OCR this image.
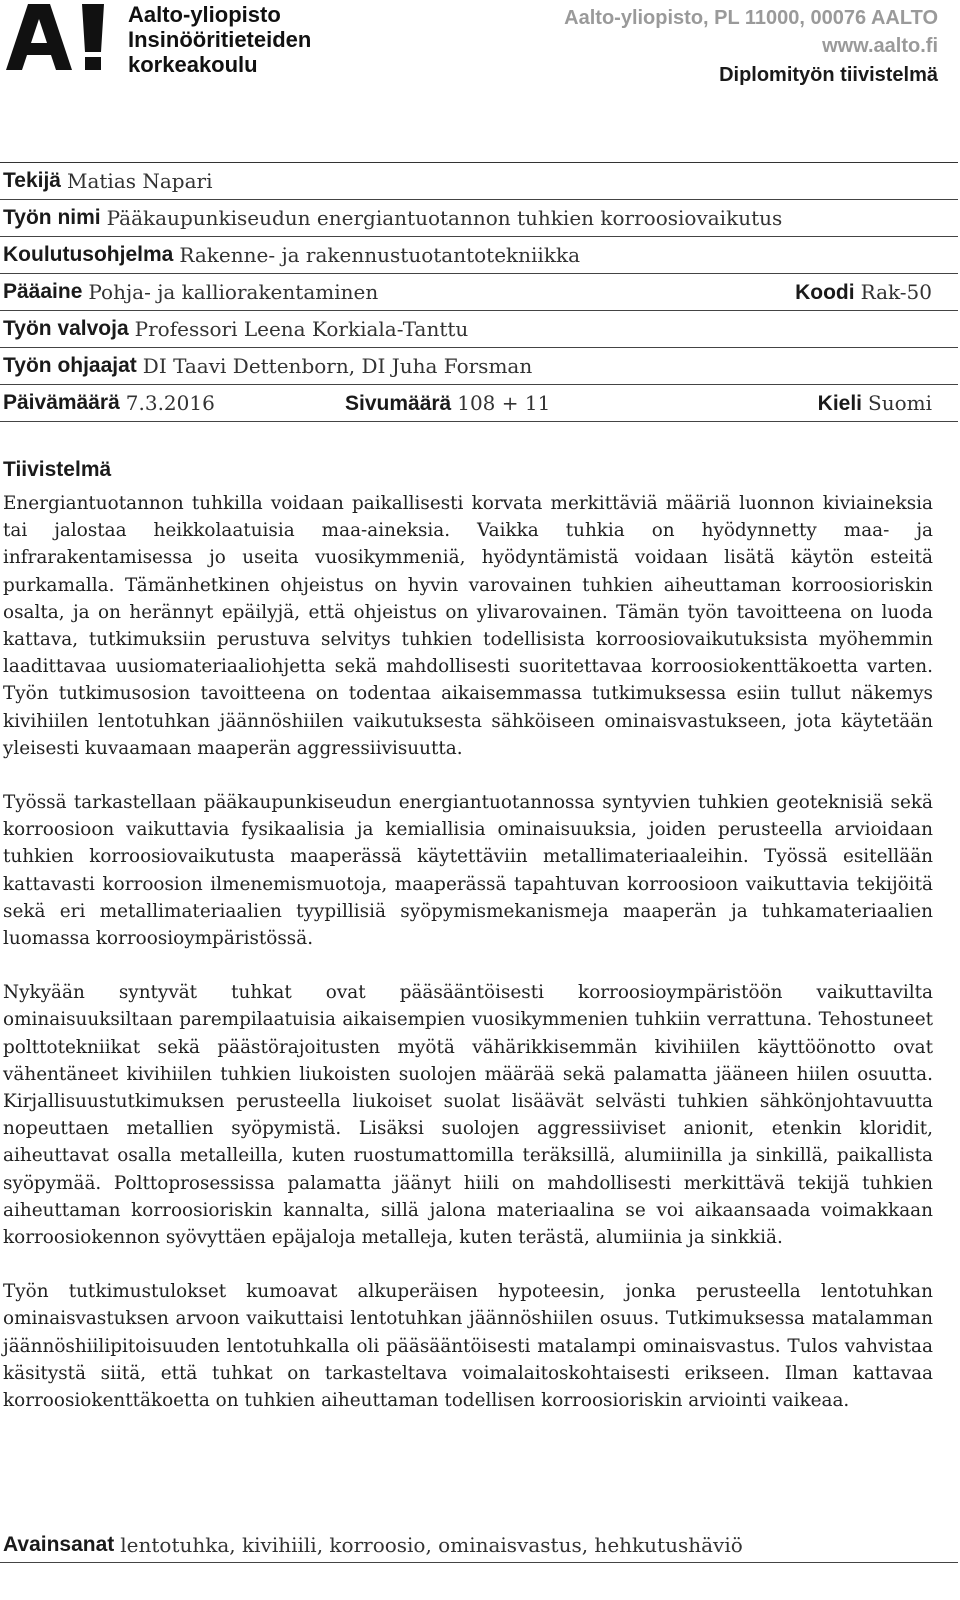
Aalto-yliopisto
Insinööritieteiden
korkeakoulu
Aalto-yliopisto, PL 11000, 00076 AALTO
www.aalto.fi
Diplomityön tiivistelmä
Tekijä Matias Napari
Työn nimi Pääkaupunkiseudun energiantuotannon tuhkien korroosiovaikutus
Koulutusohjelma Rakenne- ja rakennustuotantotekniikka
Pääaine Pohja- ja kalliorakentaminen	Koodi Rak-50
Työn valvoja Professori Leena Korkiala-Tanttu
Työn ohjaajat DI Taavi Dettenborn, DI Juha Forsman
Päivämäärä 7.3.2016	Sivumäärä 108 + 11	Kieli Suomi
Tiivistelmä

Energiantuotannon tuhkilla voidaan paikallisesti korvata merkittäviä määriä luonnon kiviaineksia tai jalostaa heikkolaatuisia maa-aineksia. Vaikka tuhkia on hyödynnetty maa- ja infrarakentamisessa jo useita vuosikymmeniä, hyödyntämistä voidaan lisätä käytön esteitä purkamalla. Tämänhetkinen ohjeistus on hyvin varovainen tuhkien aiheuttaman korroosioriskin osalta, ja on herännyt epäilyjä, että ohjeistus on ylivarovainen. Tämän työn tavoitteena on luoda kattava, tutkimuksiin perustuva selvitys tuhkien todellisista korroosiovaikutuksista myöhemmin laadittavaa uusiomateriaaliohjetta sekä mahdollisesti suoritettavaa korroosiokenttäkoetta varten. Työn tutkimusosion tavoitteena on todentaa aikaisemmassa tutkimuksessa esiin tullut näkemys kivihiilen lentotuhkan jäännöshiilen vaikutuksesta sähköiseen ominaisvastukseen, jota käytetään yleisesti kuvaamaan maaperän aggressiivisuutta.

Työssä tarkastellaan pääkaupunkiseudun energiantuotannossa syntyvien tuhkien geoteknisiä sekä korroosioon vaikuttavia fysikaalisia ja kemiallisia ominaisuuksia, joiden perusteella arvioidaan tuhkien korroosiovaikutusta maaperässä käytettäviin metallimateriaaleihin. Työssä esitellään kattavasti korroosion ilmenemismuotoja, maaperässä tapahtuvan korroosioon vaikuttavia tekijöitä sekä eri metallimateriaalien tyypillisiä syöpymismekanismeja maaperän ja tuhkamateriaalien luomassa korroosioympäristössä.

Nykyään syntyvät tuhkat ovat pääsääntöisesti korroosioympäristöön vaikuttavilta ominaisuuksiltaan parempilaatuisia aikaisempien vuosikymmenien tuhkiin verrattuna. Tehostuneet polttotekniikat sekä päästörajoitusten myötä vähärikkisemmän kivihiilen käyttöönotto ovat vähentäneet kivihiilen tuhkien liukoisten suolojen määrää sekä palamatta jääneen hiilen osuutta. Kirjallisuustutkimuksen perusteella liukoiset suolat lisäävät selvästi tuhkien sähkönjohtavuutta nopeuttaen metallien syöpymistä. Lisäksi suolojen aggressiiviset anionit, etenkin kloridit, aiheuttavat osalla metalleilla, kuten ruostumattomilla teräksillä, alumiinilla ja sinkillä, paikallista syöpymää. Polttoprosessissa palamatta jäänyt hiili on mahdollisesti merkittävä tekijä tuhkien aiheuttaman korroosioriskin kannalta, sillä jalona materiaalina se voi aikaansaada voimakkaan korroosiokennon syövyttäen epäjaloja metalleja, kuten terästä, alumiinia ja sinkkiä.

Työn tutkimustulokset kumoavat alkuperäisen hypoteesin, jonka perusteella lentotuhkan ominaisvastuksen arvoon vaikuttaisi lentotuhkan jäännöshiilen osuus. Tutkimuksessa matalamman jäännöshiilipitoisuuden lentotuhkalla oli pääsääntöisesti matalampi ominaisvastus. Tulos vahvistaa käsitystä siitä, että tuhkat on tarkasteltava voimalaitoskohtaisesti erikseen. Ilman kattavaa korroosiokenttäkoetta on tuhkien aiheuttaman todellisen korroosioriskin arviointi vaikeaa.

Avainsanat lentotuhka, kivihiili, korroosio, ominaisvastus, hehkutushäviö
